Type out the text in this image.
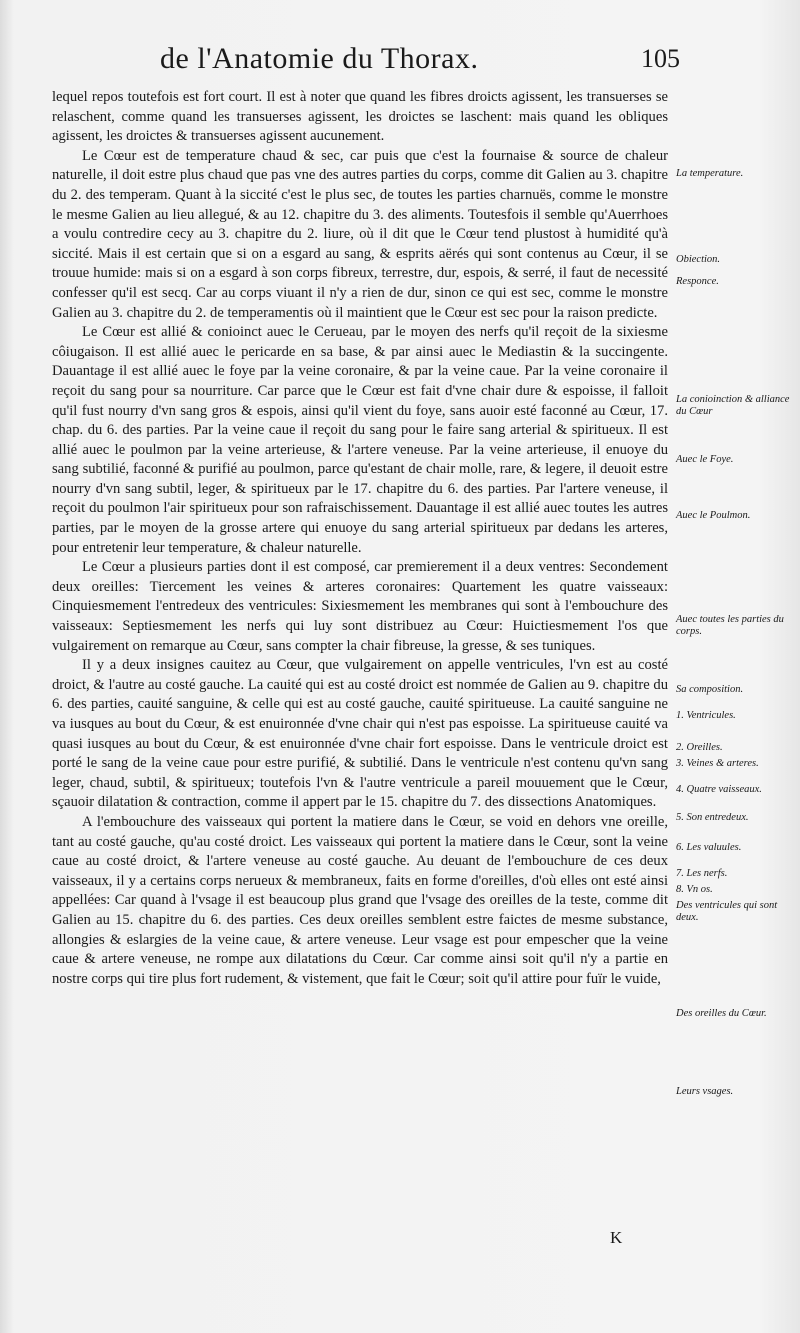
de l'Anatomie du Thorax.	105

lequel repos toutefois est fort court. Il est à noter que quand les fibres droicts agissent, les transuerses se relaschent, comme quand les transuerses agissent, les droictes se laschent: mais quand les obliques agissent, les droictes & transuerses agissent aucunement.

Le Cœur est de temperature chaud & sec, car puis que c'est la fournaise & source de chaleur naturelle, il doit estre plus chaud que pas vne des autres parties du corps, comme dit Galien au 3. chapitre du 2. des temperam. Quant à la siccité c'est le plus sec, de toutes les parties charnuës, comme le monstre le mesme Galien au lieu allegué, & au 12. chapitre du 3. des aliments. Toutesfois il semble qu'Auerrhoes a voulu contredire cecy au 3. chapitre du 2. liure, où il dit que le Cœur tend plustost à humidité qu'à siccité. Mais il est certain que si on a esgard au sang, & esprits aërés qui sont contenus au Cœur, il se trouue humide: mais si on a esgard à son corps fibreux, terrestre, dur, espois, & serré, il faut de necessité confesser qu'il est secq. Car au corps viuant il n'y a rien de dur, sinon ce qui est sec, comme le monstre Galien au 3. chapitre du 2. de temperamentis où il maintient que le Cœur est sec pour la raison predicte.

Le Cœur est allié & conioinct auec le Cerueau, par le moyen des nerfs qu'il reçoit de la sixiesme côiugaison. Il est allié auec le pericarde en sa base, & par ainsi auec le Mediastin & la succingente. Dauantage il est allié auec le foye par la veine coronaire, & par la veine caue. Par la veine coronaire il reçoit du sang pour sa nourriture. Car parce que le Cœur est fait d'vne chair dure & espoisse, il falloit qu'il fust nourry d'vn sang gros & espois, ainsi qu'il vient du foye, sans auoir esté faconné au Cœur, 17. chap. du 6. des parties. Par la veine caue il reçoit du sang pour le faire sang arterial & spiritueux. Il est allié auec le poulmon par la veine arterieuse, & l'artere veneuse. Par la veine arterieuse, il enuoye du sang subtilié, faconné & purifié au poulmon, parce qu'estant de chair molle, rare, & legere, il deuoit estre nourry d'vn sang subtil, leger, & spiritueux par le 17. chapitre du 6. des parties. Par l'artere veneuse, il reçoit du poulmon l'air spiritueux pour son rafraischissement. Dauantage il est allié auec toutes les autres parties, par le moyen de la grosse artere qui enuoye du sang arterial spiritueux par dedans les arteres, pour entretenir leur temperature, & chaleur naturelle.

Le Cœur a plusieurs parties dont il est composé, car premierement il a deux ventres: Secondement deux oreilles: Tiercement les veines & arteres coronaires: Quartement les quatre vaisseaux: Cinquiesmement l'entredeux des ventricules: Sixiesmement les membranes qui sont à l'embouchure des vaisseaux: Septiesmement les nerfs qui luy sont distribuez au Cœur: Huictiesmement l'os que vulgairement on remarque au Cœur, sans compter la chair fibreuse, la gresse, & ses tuniques.

Il y a deux insignes cauitez au Cœur, que vulgairement on appelle ventricules, l'vn est au costé droict, & l'autre au costé gauche. La cauité qui est au costé droict est nommée de Galien au 9. chapitre du 6. des parties, cauité sanguine, & celle qui est au costé gauche, cauité spiritueuse. La cauité sanguine ne va iusques au bout du Cœur, & est enuironnée d'vne chair qui n'est pas espoisse. La spiritueuse cauité va quasi iusques au bout du Cœur, & est enuironnée d'vne chair fort espoisse. Dans le ventricule droict est porté le sang de la veine caue pour estre purifié, & subtilié. Dans le ventricule n'est contenu qu'vn sang leger, chaud, subtil, & spiritueux; toutefois l'vn & l'autre ventricule a pareil mouuement que le Cœur, sçauoir dilatation & contraction, comme il appert par le 15. chapitre du 7. des dissections Anatomiques.

A l'embouchure des vaisseaux qui portent la matiere dans le Cœur, se void en dehors vne oreille, tant au costé gauche, qu'au costé droict. Les vaisseaux qui portent la matiere dans le Cœur, sont la veine caue au costé droict, & l'artere veneuse au costé gauche. Au deuant de l'embouchure de ces deux vaisseaux, il y a certains corps nerueux & membraneux, faits en forme d'oreilles, d'où elles ont esté ainsi appellées: Car quand à l'vsage il est beaucoup plus grand que l'vsage des oreilles de la teste, comme dit Galien au 15. chapitre du 6. des parties. Ces deux oreilles semblent estre faictes de mesme substance, allongies & eslargies de la veine caue, & artere veneuse. Leur vsage est pour empescher que la veine caue & artere veneuse, ne rompe aux dilatations du Cœur. Car comme ainsi soit qu'il n'y a partie en nostre corps qui tire plus fort rudement, & vistement, que fait le Cœur; soit qu'il attire pour fuïr le vuide,

La temperature.
Obiection.
Responce.
La conioinction & alliance du Cœur
Auec le Foye.
Auec le Poulmon.
Auec toutes les parties du corps.
Sa composition.
1. Ventricules.
2. Oreilles.
3. Veines & arteres.
4. Quatre vaisseaux.
5. Son entredeux.
6. Les valuules.
7. Les nerfs.
8. Vn os.
Des ventricules qui sont deux.
Des oreilles du Cœur.
Leurs vsages.
K
